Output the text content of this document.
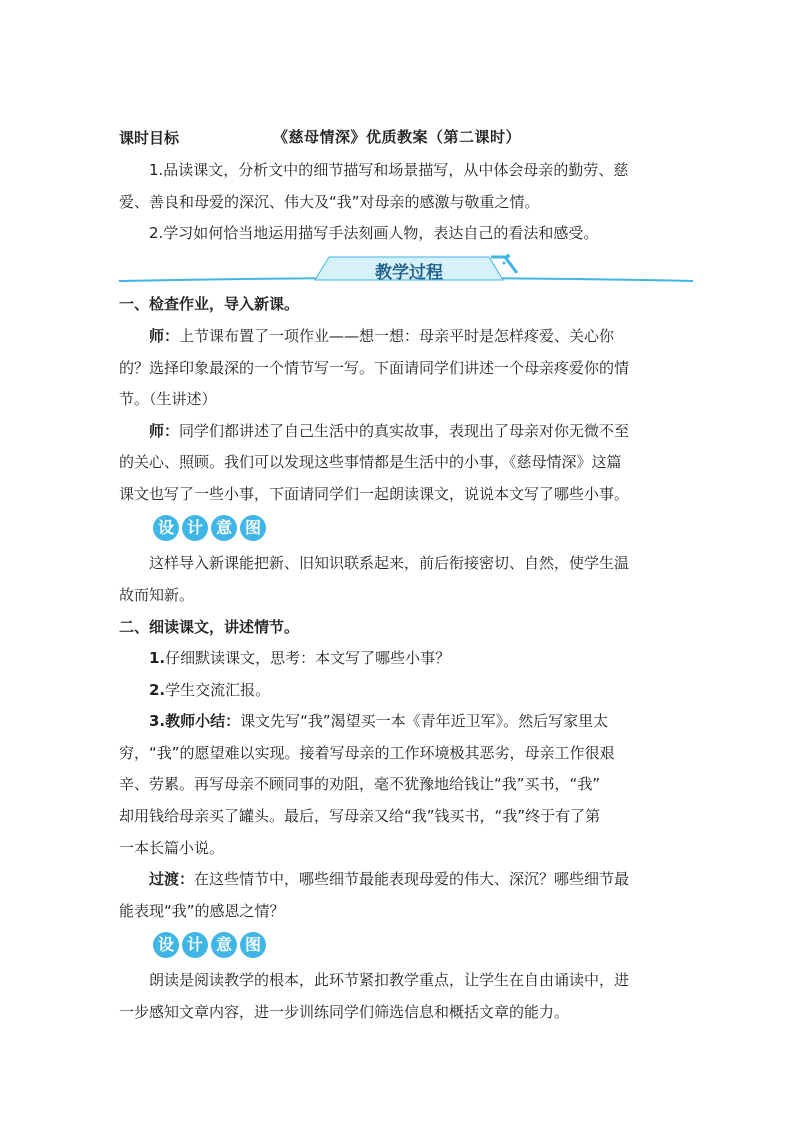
《慈母情深》优质教案（第二课时）
课时目标
1.品读课文，分析文中的细节描写和场景描写，从中体会母亲的勤劳、慈
爱、善良和母爱的深沉、伟大及“我”对母亲的感激与敬重之情。
2.学习如何恰当地运用描写手法刻画人物，表达自己的看法和感受。
教学过程
一、检查作业，导入新课。
师：上节课布置了一项作业——想一想：母亲平时是怎样疼爱、关心你
的？选择印象最深的一个情节写一写。下面请同学们讲述一个母亲疼爱你的情
节。（生讲述）
师：同学们都讲述了自己生活中的真实故事，表现出了母亲对你无微不至
的关心、照顾。我们可以发现这些事情都是生活中的小事，《慈母情深》这篇
课文也写了一些小事，下面请同学们一起朗读课文，说说本文写了哪些小事。
设 计 意 图
这样导入新课能把新、旧知识联系起来，前后衔接密切、自然，使学生温
故而知新。
二、细读课文，讲述情节。
1.仔细默读课文，思考：本文写了哪些小事？
2.学生交流汇报。
3.教师小结：课文先写“我”渴望买一本《青年近卫军》。然后写家里太
穷，“我”的愿望难以实现。接着写母亲的工作环境极其恶劣，母亲工作很艰
辛、劳累。再写母亲不顾同事的劝阻，毫不犹豫地给钱让“我”买书，“我”
却用钱给母亲买了罐头。最后，写母亲又给“我”钱买书，“我”终于有了第
一本长篇小说。
过渡：在这些情节中，哪些细节最能表现母爱的伟大、深沉？哪些细节最
能表现“我”的感恩之情？
设 计 意 图
朗读是阅读教学的根本，此环节紧扣教学重点，让学生在自由诵读中，进
一步感知文章内容，进一步训练同学们筛选信息和概括文章的能力。
